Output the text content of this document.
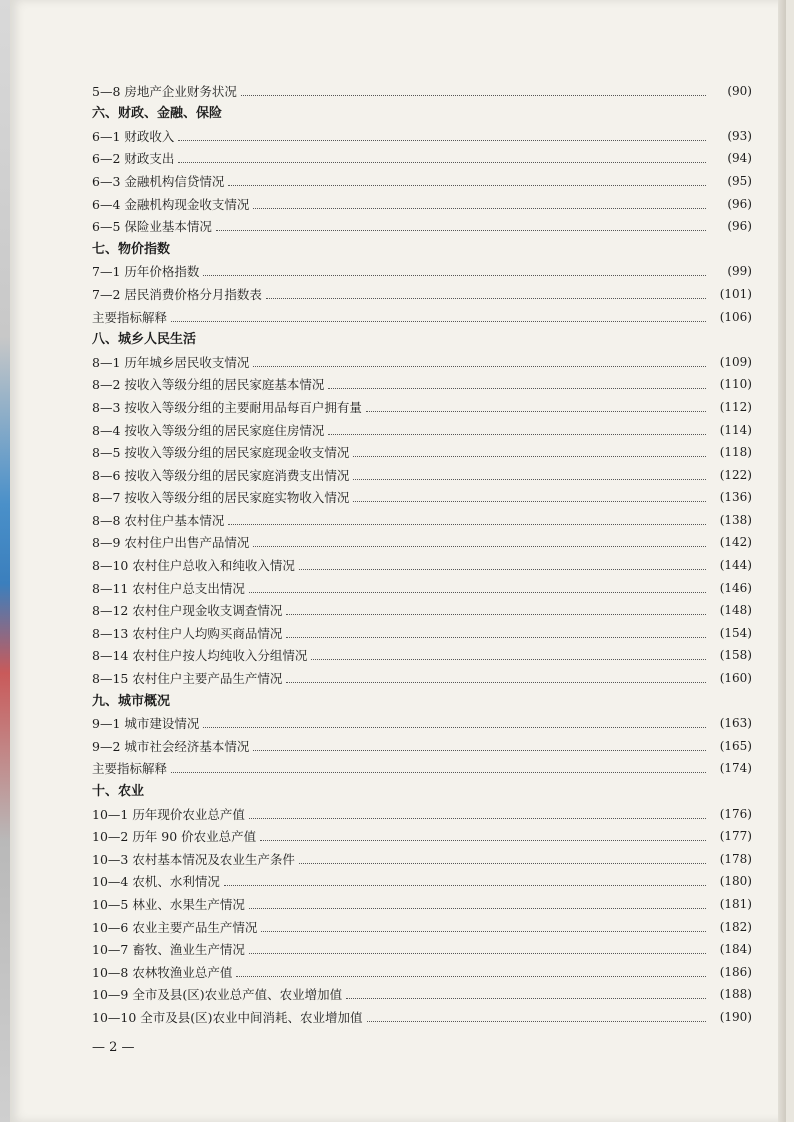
5—8 房地产企业财务状况	(90)
六、财政、金融、保险
6—1 财政收入	(93)
6—2 财政支出	(94)
6—3 金融机构信贷情况	(95)
6—4 金融机构现金收支情况	(96)
6—5 保险业基本情况	(96)
七、物价指数
7—1 历年价格指数	(99)
7—2 居民消费价格分月指数表	(101)
主要指标解释	(106)
八、城乡人民生活
8—1 历年城乡居民收支情况	(109)
8—2 按收入等级分组的居民家庭基本情况	(110)
8—3 按收入等级分组的主要耐用品每百户拥有量	(112)
8—4 按收入等级分组的居民家庭住房情况	(114)
8—5 按收入等级分组的居民家庭现金收支情况	(118)
8—6 按收入等级分组的居民家庭消费支出情况	(122)
8—7 按收入等级分组的居民家庭实物收入情况	(136)
8—8 农村住户基本情况	(138)
8—9 农村住户出售产品情况	(142)
8—10 农村住户总收入和纯收入情况	(144)
8—11 农村住户总支出情况	(146)
8—12 农村住户现金收支调查情况	(148)
8—13 农村住户人均购买商品情况	(154)
8—14 农村住户按人均纯收入分组情况	(158)
8—15 农村住户主要产品生产情况	(160)
九、城市概况
9—1 城市建设情况	(163)
9—2 城市社会经济基本情况	(165)
主要指标解释	(174)
十、农业
10—1 历年现价农业总产值	(176)
10—2 历年 90 价农业总产值	(177)
10—3 农村基本情况及农业生产条件	(178)
10—4 农机、水利情况	(180)
10—5 林业、水果生产情况	(181)
10—6 农业主要产品生产情况	(182)
10—7 畜牧、渔业生产情况	(184)
10—8 农林牧渔业总产值	(186)
10—9 全市及县(区)农业总产值、农业增加值	(188)
10—10 全市及县(区)农业中间消耗、农业增加值	(190)
— 2 —
